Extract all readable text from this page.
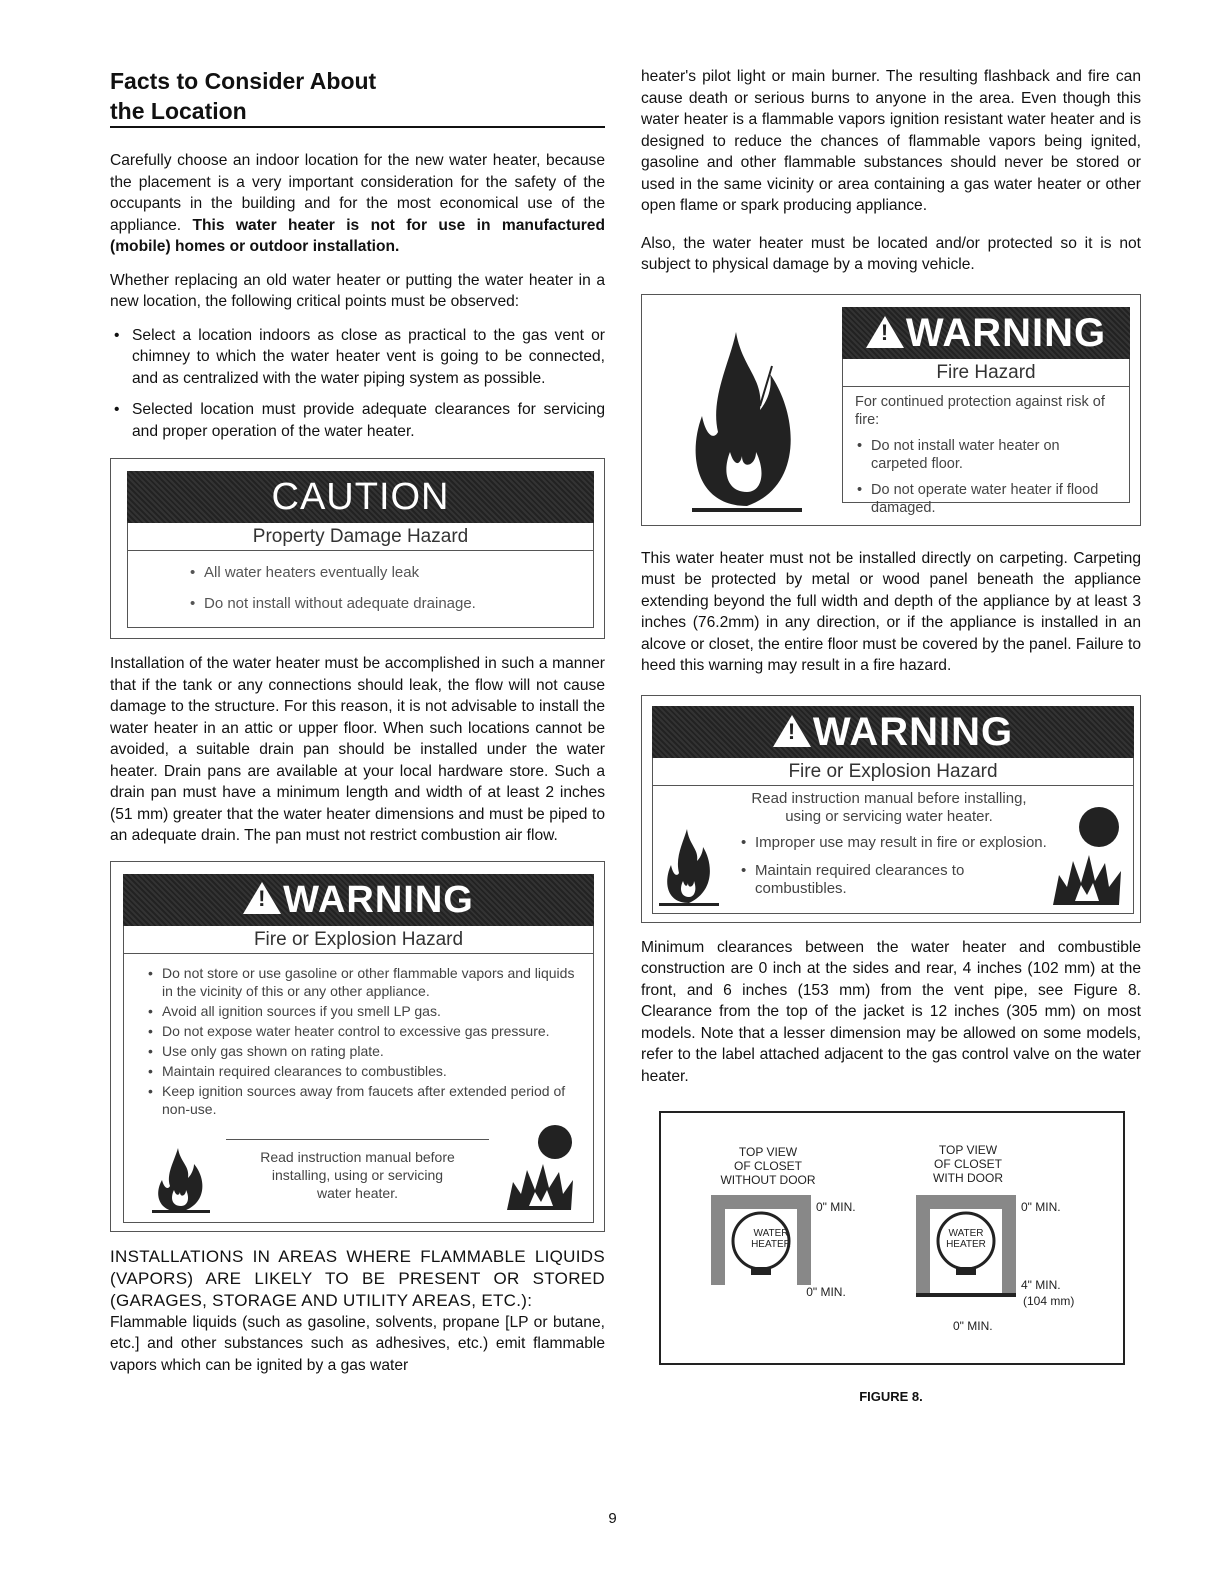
Facts to Consider About
the Location

Carefully choose an indoor location for the new water heater, because the placement is a very important consideration for the safety of the occupants in the building and for the most economical use of the appliance. This water heater is not for use in manufactured (mobile) homes or outdoor installation.

Whether replacing an old water heater or putting the water heater in a new location, the following critical points must be observed:

• Select a location indoors as close as practical to the gas vent or chimney to which the water heater vent is going to be connected, and as centralized with the water piping system as possible.
• Selected location must provide adequate clearances for servicing and proper operation of the water heater.
CAUTION
Property Damage Hazard
• All water heaters eventually leak
• Do not install without adequate drainage.

Installation of the water heater must be accomplished in such a manner that if the tank or any connections should leak, the flow will not cause damage to the structure. For this reason, it is not advisable to install the water heater in an attic or upper floor. When such locations cannot be avoided, a suitable drain pan should be installed under the water heater. Drain pans are available at your local hardware store. Such a drain pan must have a minimum length and width of at least 2 inches (51 mm) greater that the water heater dimensions and must be piped to an adequate drain. The pan must not restrict combustion air flow.

!WARNING
Fire or Explosion Hazard
• Do not store or use gasoline or other flammable vapors and liquids in the vicinity of this or any other appliance.
• Avoid all ignition sources if you smell LP gas.
• Do not expose water heater control to excessive gas pressure.
• Use only gas shown on rating plate.
• Maintain required clearances to combustibles.
• Keep ignition sources away from faucets after extended period of non-use.
Read instruction manual before installing, using or servicing water heater.

INSTALLATIONS IN AREAS WHERE FLAMMABLE LIQUIDS (VAPORS) ARE LIKELY TO BE PRESENT OR STORED (GARAGES, STORAGE AND UTILITY AREAS, ETC.):

Flammable liquids (such as gasoline, solvents, propane [LP or butane, etc.] and other substances such as adhesives, etc.) emit flammable vapors which can be ignited by a gas water

heater's pilot light or main burner. The resulting flashback and fire can cause death or serious burns to anyone in the area. Even though this water heater is a flammable vapors ignition resistant water heater and is designed to reduce the chances of flammable vapors being ignited, gasoline and other flammable substances should never be stored or used in the same vicinity or area containing a gas water heater or other open flame or spark producing appliance.

Also, the water heater must be located and/or protected so it is not subject to physical damage by a moving vehicle.

!WARNING
Fire Hazard
For continued protection against risk of fire:
• Do not install water heater on carpeted floor.
• Do not operate water heater if flood damaged.

This water heater must not be installed directly on carpeting. Carpeting must be protected by metal or wood panel beneath the appliance extending beyond the full width and depth of the appliance by at least 3 inches (76.2mm) in any direction, or if the appliance is installed in an alcove or closet, the entire floor must be covered by the panel. Failure to heed this warning may result in a fire hazard.

!WARNING
Fire or Explosion Hazard
Read instruction manual before installing,
using or servicing water heater.
• Improper use may result in fire or explosion.
• Maintain required clearances to combustibles.

Minimum clearances between the water heater and combustible construction are 0 inch at the sides and rear, 4 inches (102 mm) at the front, and 6 inches (153 mm) from the vent pipe, see Figure 8. Clearance from the top of the jacket is 12 inches (305 mm) on most models. Note that a lesser dimension may be allowed on some models, refer to the label attached adjacent to the gas control valve on the water heater.

TOP VIEW
OF CLOSET
WITHOUT DOOR
TOP VIEW
OF CLOSET
WITH DOOR
WATER
HEATER
0" MIN.
0" MIN.
WATER
HEATER
0" MIN.
4" MIN.
(104 mm)
0" MIN.
FIGURE 8.
9
